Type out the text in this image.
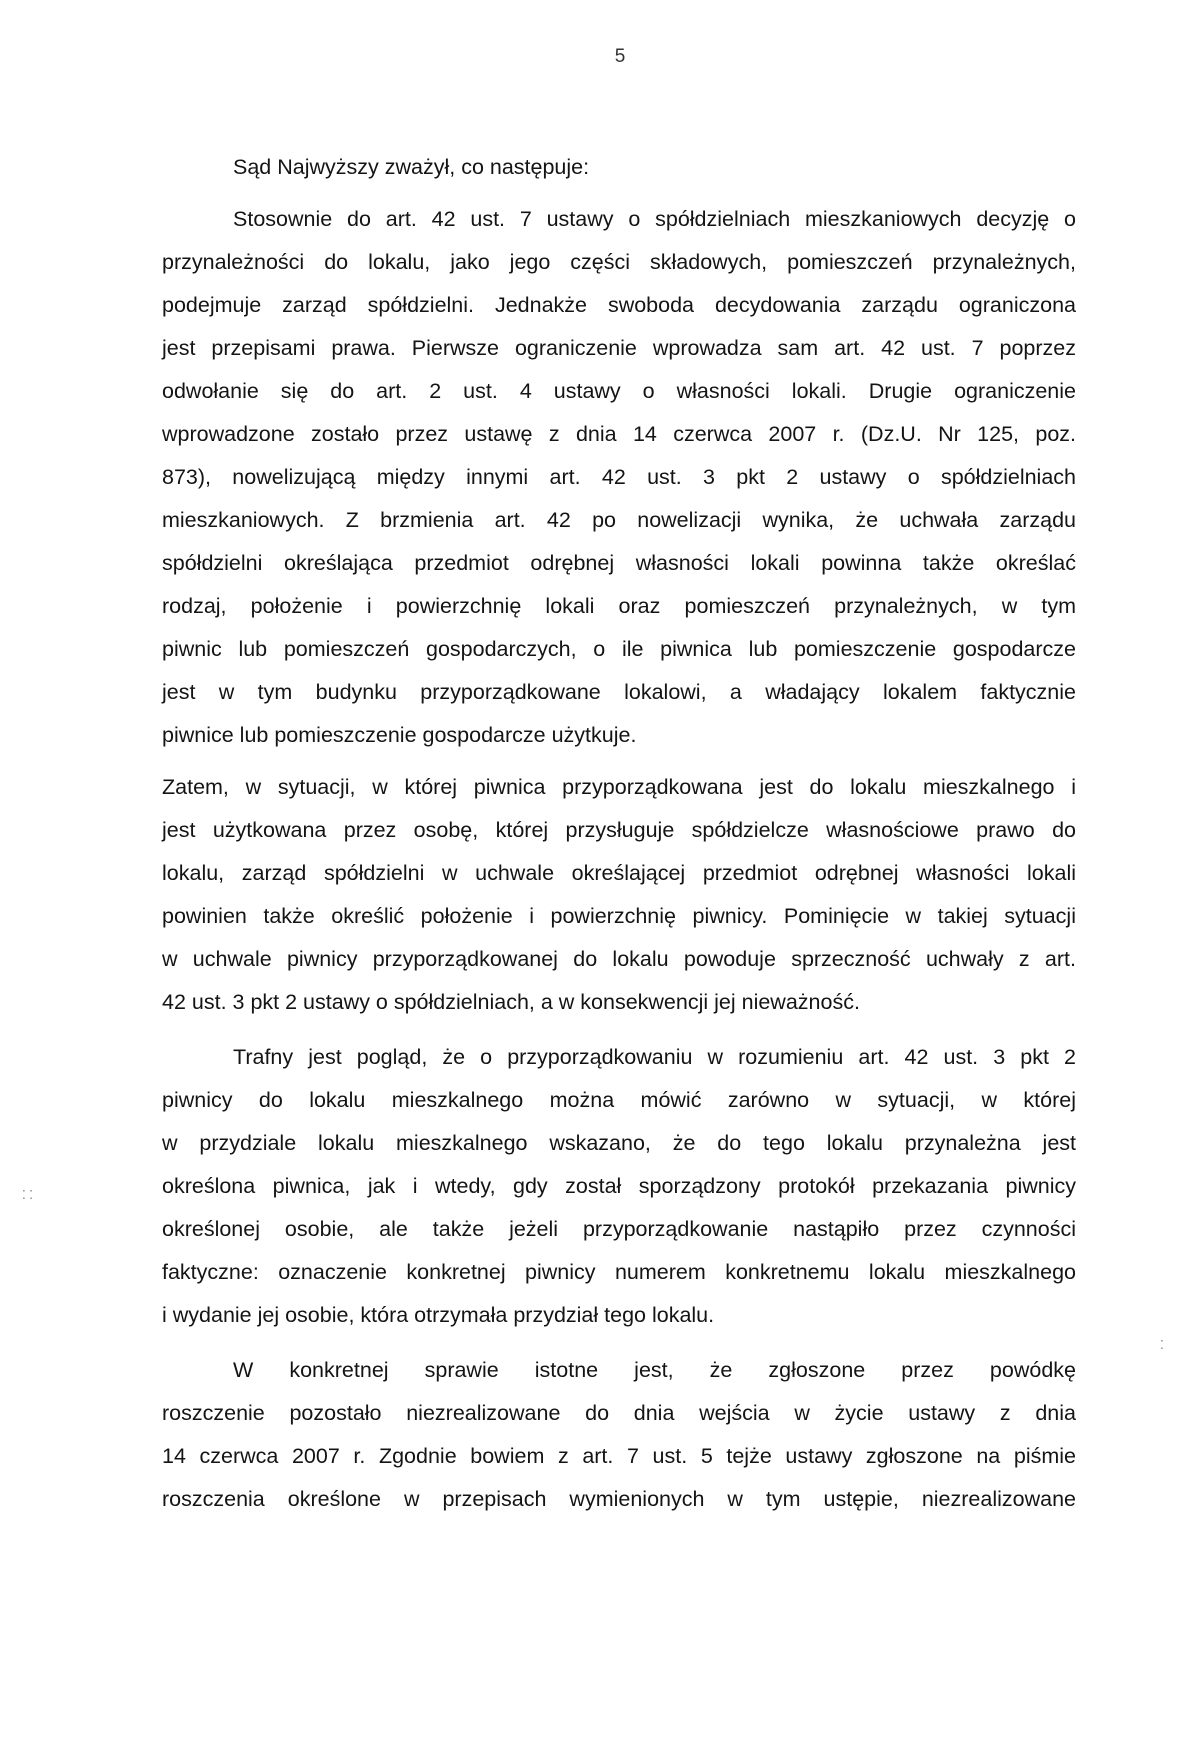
5
Sąd Najwyższy zważył, co następuje:
Stosownie do art. 42 ust. 7 ustawy o spółdzielniach mieszkaniowych decyzję o
przynależności do lokalu, jako jego części składowych, pomieszczeń przynależnych,
podejmuje zarząd spółdzielni. Jednakże swoboda decydowania zarządu ograniczona
jest przepisami prawa. Pierwsze ograniczenie wprowadza sam art. 42 ust. 7 poprzez
odwołanie się do art. 2 ust. 4 ustawy o własności lokali. Drugie ograniczenie
wprowadzone zostało przez ustawę z dnia 14 czerwca 2007 r. (Dz.U. Nr 125, poz.
873), nowelizującą między innymi art. 42 ust. 3 pkt 2 ustawy o spółdzielniach
mieszkaniowych. Z brzmienia art. 42 po nowelizacji wynika, że uchwała zarządu
spółdzielni określająca przedmiot odrębnej własności lokali powinna także określać
rodzaj, położenie i powierzchnię lokali oraz pomieszczeń przynależnych, w tym
piwnic lub pomieszczeń gospodarczych, o ile piwnica lub pomieszczenie gospodarcze
jest w tym budynku przyporządkowane lokalowi, a władający lokalem faktycznie
piwnice lub pomieszczenie gospodarcze użytkuje.
Zatem, w sytuacji, w której piwnica przyporządkowana jest do lokalu mieszkalnego i
jest użytkowana przez osobę, której przysługuje spółdzielcze własnościowe prawo do
lokalu, zarząd spółdzielni w uchwale określającej przedmiot odrębnej własności lokali
powinien także określić położenie i powierzchnię piwnicy. Pominięcie w takiej sytuacji
w uchwale piwnicy przyporządkowanej do lokalu powoduje sprzeczność uchwały z art.
42 ust. 3 pkt 2 ustawy o spółdzielniach, a w konsekwencji jej nieważność.
Trafny jest pogląd, że o przyporządkowaniu w rozumieniu art. 42 ust. 3 pkt 2
piwnicy do lokalu mieszkalnego można mówić zarówno w sytuacji, w której
w przydziale lokalu mieszkalnego wskazano, że do tego lokalu przynależna jest
określona piwnica, jak i wtedy, gdy został sporządzony protokół przekazania piwnicy
określonej osobie, ale także jeżeli przyporządkowanie nastąpiło przez czynności
faktyczne: oznaczenie konkretnej piwnicy numerem konkretnemu lokalu mieszkalnego
i wydanie jej osobie, która otrzymała przydział tego lokalu.
W konkretnej sprawie istotne jest, że zgłoszone przez powódkę
roszczenie pozostało niezrealizowane do dnia wejścia w życie ustawy z dnia
14 czerwca 2007 r. Zgodnie bowiem z art. 7 ust. 5 tejże ustawy zgłoszone na piśmie
roszczenia określone w przepisach wymienionych w tym ustępie, niezrealizowane
⁚ ⁚
⁚
